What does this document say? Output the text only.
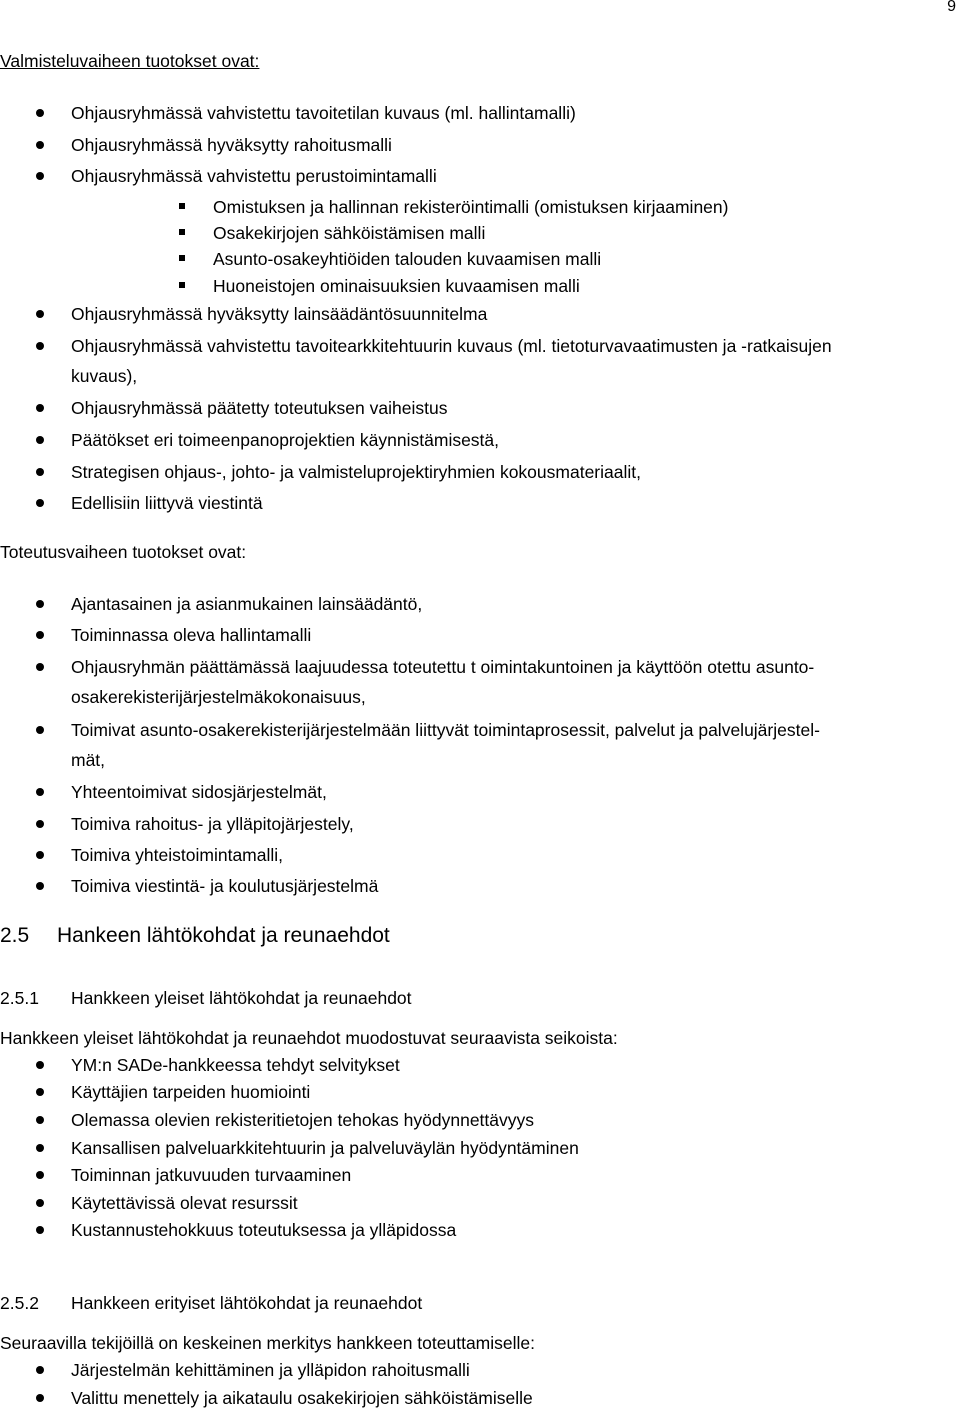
9
Valmisteluvaiheen tuotokset ovat:
Ohjausryhmässä vahvistettu tavoitetilan kuvaus (ml. hallintamalli)
Ohjausryhmässä hyväksytty rahoitusmalli
Ohjausryhmässä vahvistettu perustoimintamalli
Omistuksen ja hallinnan rekisteröintimalli (omistuksen kirjaaminen)
Osakekirjojen sähköistämisen malli
Asunto-osakeyhtiöiden talouden kuvaamisen malli
Huoneistojen ominaisuuksien kuvaamisen malli
Ohjausryhmässä hyväksytty lainsäädäntösuunnitelma
Ohjausryhmässä vahvistettu tavoitearkkitehtuurin kuvaus (ml. tietoturvavaatimusten ja -ratkaisujen
kuvaus),
Ohjausryhmässä päätetty toteutuksen vaiheistus
Päätökset eri toimeenpanoprojektien käynnistämisestä,
Strategisen ohjaus-, johto- ja valmisteluprojektiryhmien kokousmateriaalit,
Edellisiin liittyvä viestintä
Toteutusvaiheen tuotokset ovat:
Ajantasainen ja asianmukainen lainsäädäntö,
Toiminnassa oleva hallintamalli
Ohjausryhmän päättämässä laajuudessa toteutettu t oimintakuntoinen ja käyttöön otettu asunto-
osakerekisterijärjestelmäkokonaisuus,
Toimivat asunto-osakerekisterijärjestelmään liittyvät toimintaprosessit, palvelut ja palvelujärjestel-
mät,
Yhteentoimivat sidosjärjestelmät,
Toimiva rahoitus- ja ylläpitojärjestely,
Toimiva yhteistoimintamalli,
Toimiva viestintä- ja koulutusjärjestelmä
2.5 Hankeen lähtökohdat ja reunaehdot
2.5.1 Hankkeen yleiset lähtökohdat ja reunaehdot
Hankkeen yleiset lähtökohdat ja reunaehdot muodostuvat seuraavista seikoista:
YM:n SADe-hankkeessa tehdyt selvitykset
Käyttäjien tarpeiden huomiointi
Olemassa olevien rekisteritietojen tehokas hyödynnettävyys
Kansallisen palveluarkkitehtuurin ja palveluväylän hyödyntäminen
Toiminnan jatkuvuuden turvaaminen
Käytettävissä olevat resurssit
Kustannustehokkuus toteutuksessa ja ylläpidossa
2.5.2 Hankkeen erityiset lähtökohdat ja reunaehdot
Seuraavilla tekijöillä on keskeinen merkitys hankkeen toteuttamiselle:
Järjestelmän kehittäminen ja ylläpidon rahoitusmalli
Valittu menettely ja aikataulu osakekirjojen sähköistämiselle
